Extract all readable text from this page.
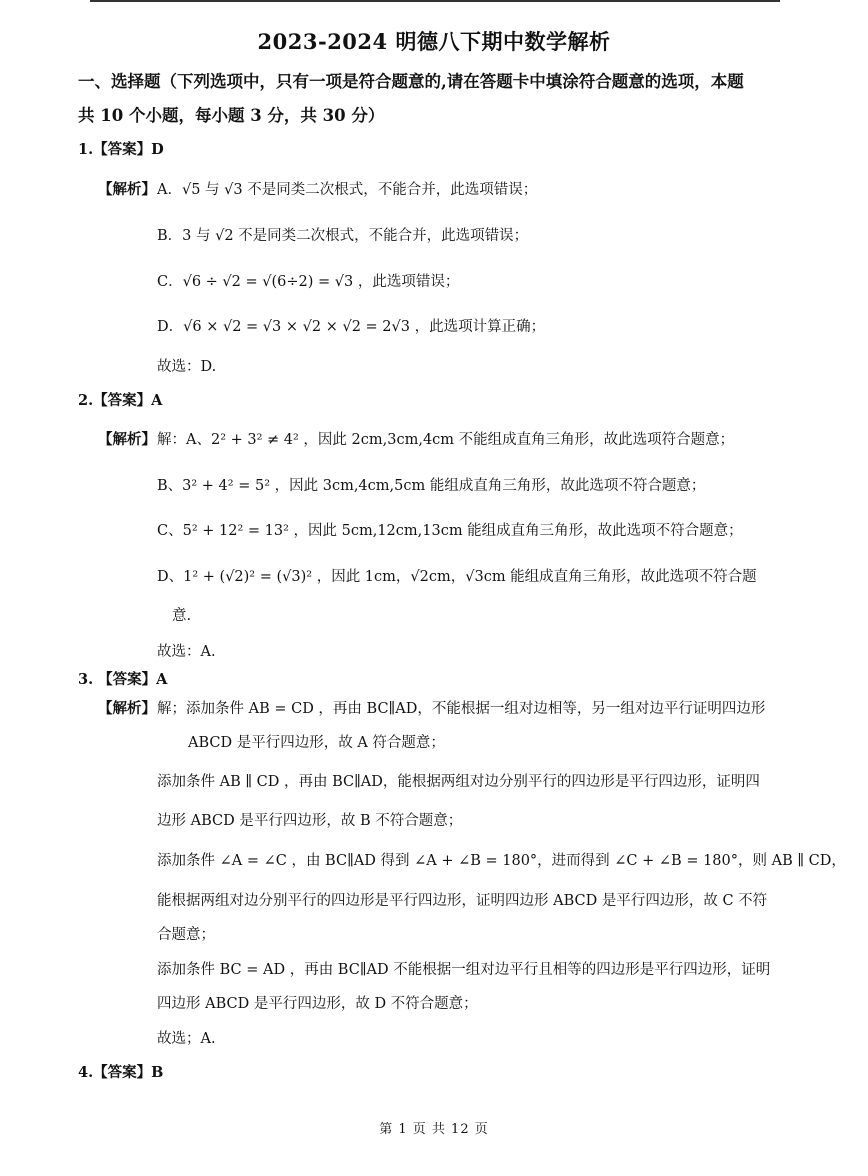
2023-2024 明德八下期中数学解析
一、选择题（下列选项中，只有一项是符合题意的,请在答题卡中填涂符合题意的选项，本题
共 10 个小题，每小题 3 分，共 30 分）
1.【答案】D
【解析】 A．√5 与 √3 不是同类二次根式，不能合并，此选项错误；
B．3 与 √2 不是同类二次根式，不能合并，此选项错误；
C．√6 ÷ √2 = √(6÷2) = √3 ，此选项错误；
D．√6 × √2 = √3 × √2 × √2 = 2√3 ，此选项计算正确；
故选：D.
2.【答案】A
【解析】 解：A、2² + 3² ≠ 4² ，因此 2cm,3cm,4cm 不能组成直角三角形，故此选项符合题意；
B、3² + 4² = 5² ，因此 3cm,4cm,5cm 能组成直角三角形，故此选项不符合题意；
C、5² + 12² = 13² ，因此 5cm,12cm,13cm 能组成直角三角形，故此选项不符合题意；
D、1² + (√2)² = (√3)² ，因此 1cm，√2cm，√3cm 能组成直角三角形，故此选项不符合题
意.
故选：A.
3. 【答案】A
【解析】 解；添加条件 AB = CD ，再由 BC∥AD，不能根据一组对边相等，另一组对边平行证明四边形
ABCD 是平行四边形，故 A 符合题意；
添加条件 AB ∥ CD ，再由 BC∥AD，能根据两组对边分别平行的四边形是平行四边形，证明四
边形 ABCD 是平行四边形，故 B 不符合题意；
添加条件 ∠A = ∠C ，由 BC∥AD 得到 ∠A + ∠B = 180°，进而得到 ∠C + ∠B = 180°，则 AB ∥ CD，
能根据两组对边分别平行的四边形是平行四边形，证明四边形 ABCD 是平行四边形，故 C 不符
合题意；
添加条件 BC = AD ，再由 BC∥AD 不能根据一组对边平行且相等的四边形是平行四边形，证明
四边形 ABCD 是平行四边形，故 D 不符合题意；
故选；A.
4.【答案】B
第 1 页 共 12 页
